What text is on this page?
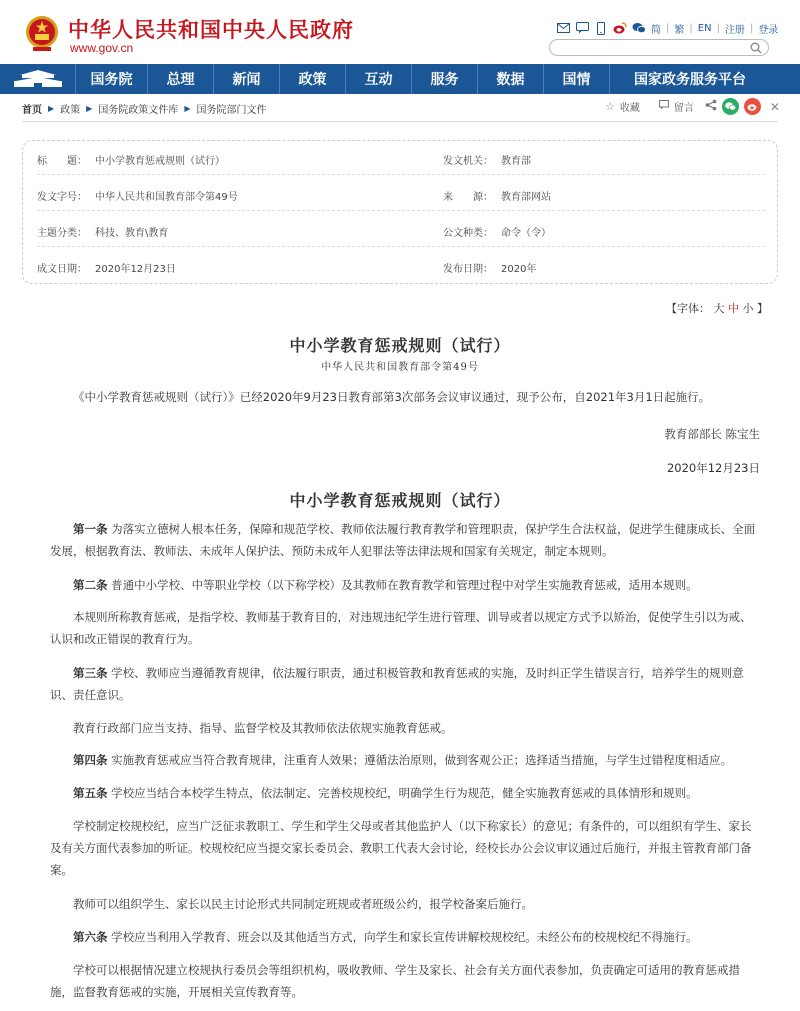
中华人民共和国中央人民政府
www.gov.cn
简 | 繁 | EN | 注册 | 登录
国务院	总理	新闻	政策	互动	服务	数据	国情	国家政务服务平台
首页 ▶ 政策 ▶ 国务院政策文件库 ▶ 国务院部门文件	☆ 收藏	留言	✕
标　　题： 中小学教育惩戒规则（试行）	发文机关： 教育部
发文字号： 中华人民共和国教育部令第49号	来　　源： 教育部网站
主题分类： 科技、教育\教育	公文种类： 命令（令）
成文日期： 2020年12月23日	发布日期： 2020年
【字体： 大 中 小 】
中小学教育惩戒规则（试行）
中华人民共和国教育部令第49号
《中小学教育惩戒规则（试行）》已经2020年9月23日教育部第3次部务会议审议通过，现予公布，自2021年3月1日起施行。
教育部部长 陈宝生
2020年12月23日
中小学教育惩戒规则（试行）
第一条 为落实立德树人根本任务，保障和规范学校、教师依法履行教育教学和管理职责，保护学生合法权益，促进学生健康成长、全面发展，根据教育法、教师法、未成年人保护法、预防未成年人犯罪法等法律法规和国家有关规定，制定本规则。
第二条 普通中小学校、中等职业学校（以下称学校）及其教师在教育教学和管理过程中对学生实施教育惩戒，适用本规则。
本规则所称教育惩戒，是指学校、教师基于教育目的，对违规违纪学生进行管理、训导或者以规定方式予以矫治，促使学生引以为戒、认识和改正错误的教育行为。
第三条 学校、教师应当遵循教育规律，依法履行职责，通过积极管教和教育惩戒的实施，及时纠正学生错误言行，培养学生的规则意识、责任意识。
教育行政部门应当支持、指导、监督学校及其教师依法依规实施教育惩戒。
第四条 实施教育惩戒应当符合教育规律，注重育人效果；遵循法治原则，做到客观公正；选择适当措施，与学生过错程度相适应。
第五条 学校应当结合本校学生特点，依法制定、完善校规校纪，明确学生行为规范，健全实施教育惩戒的具体情形和规则。
学校制定校规校纪，应当广泛征求教职工、学生和学生父母或者其他监护人（以下称家长）的意见；有条件的，可以组织有学生、家长及有关方面代表参加的听证。校规校纪应当提交家长委员会、教职工代表大会讨论，经校长办公会议审议通过后施行，并报主管教育部门备案。
教师可以组织学生、家长以民主讨论形式共同制定班规或者班级公约，报学校备案后施行。
第六条 学校应当利用入学教育、班会以及其他适当方式，向学生和家长宣传讲解校规校纪。未经公布的校规校纪不得施行。
学校可以根据情况建立校规执行委员会等组织机构，吸收教师、学生及家长、社会有关方面代表参加，负责确定可适用的教育惩戒措施，监督教育惩戒的实施，开展相关宣传教育等。
